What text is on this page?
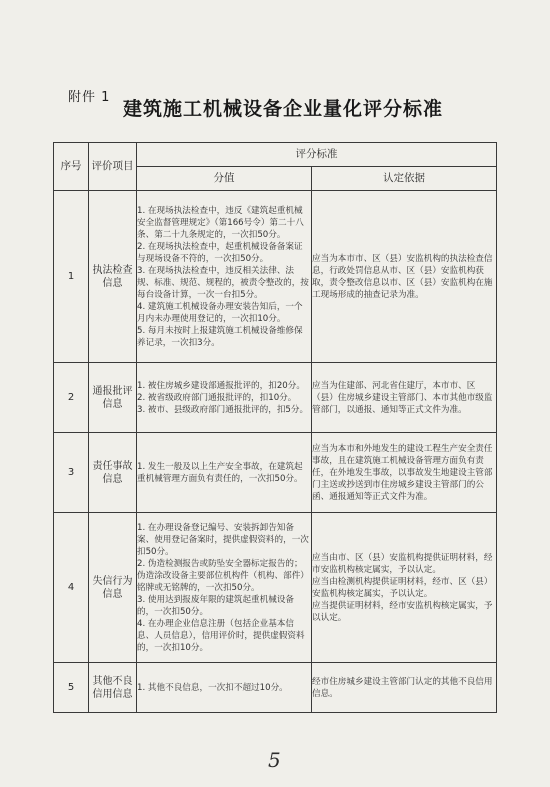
附件 1
建筑施工机械设备企业量化评分标准
序号	评价项目	评分标准	
		分值	认定依据
1	执法检查信息	1. 在现场执法检查中，违反《建筑起重机械安全监督管理规定》（第166号令）第二十八条、第二十九条规定的，一次扣50分。
2. 在现场执法检查中，起重机械设备备案证与现场设备不符的，一次扣50分。
3. 在现场执法检查中，违反相关法律、法规、标准、规范、规程的，被责令整改的，按每台设备计算，一次一台扣5分。
4. 建筑施工机械设备办理安装告知后，一个月内未办理使用登记的，一次扣10分。
5. 每月未按时上报建筑施工机械设备维修保养记录，一次扣3分。	应当为本市市、区（县）安监机构的执法检查信息，行政处罚信息从市、区（县）安监机构获取，责令整改信息以市、区（县）安监机构在施工现场形成的抽查记录为准。
2	通报批评信息	1. 被住房城乡建设部通报批评的，扣20分。
2. 被省级政府部门通报批评的，扣10分。
3. 被市、县级政府部门通报批评的，扣5分。	应当为住建部、河北省住建厅，本市市、区（县）住房城乡建设主管部门、本市其他市级监管部门，以通报、通知等正式文件为准。
3	责任事故信息	1. 发生一般及以上生产安全事故，在建筑起重机械管理方面负有责任的，一次扣50分。	应当为本市和外地发生的建设工程生产安全责任事故，且在建筑施工机械设备管理方面负有责任，在外地发生事故，以事故发生地建设主管部门主送或抄送到市住房城乡建设主管部门的公函、通报通知等正式文件为准。
4	失信行为信息	1. 在办理设备登记编号、安装拆卸告知备案、使用登记备案时，提供虚假资料的，一次扣50分。
2. 伪造检测报告或防坠安全器标定报告的；伪造涂改设备主要部位机构件（机构、部件）铭牌或无铭牌的，一次扣50分。
3. 使用达到报废年限的建筑起重机械设备的，一次扣50分。
4. 在办理企业信息注册（包括企业基本信息、人员信息），信用评价时，提供虚假资料的，一次扣10分。	应当由市、区（县）安监机构提供证明材料，经市安监机构核定属实，予以认定。
应当由检测机构提供证明材料，经市、区（县）安监机构核定属实，予以认定。
应当提供证明材料，经市安监机构核定属实，予以认定。
5	其他不良信用信息	1. 其他不良信息，一次扣不超过10分。	经市住房城乡建设主管部门认定的其他不良信用信息。
5
